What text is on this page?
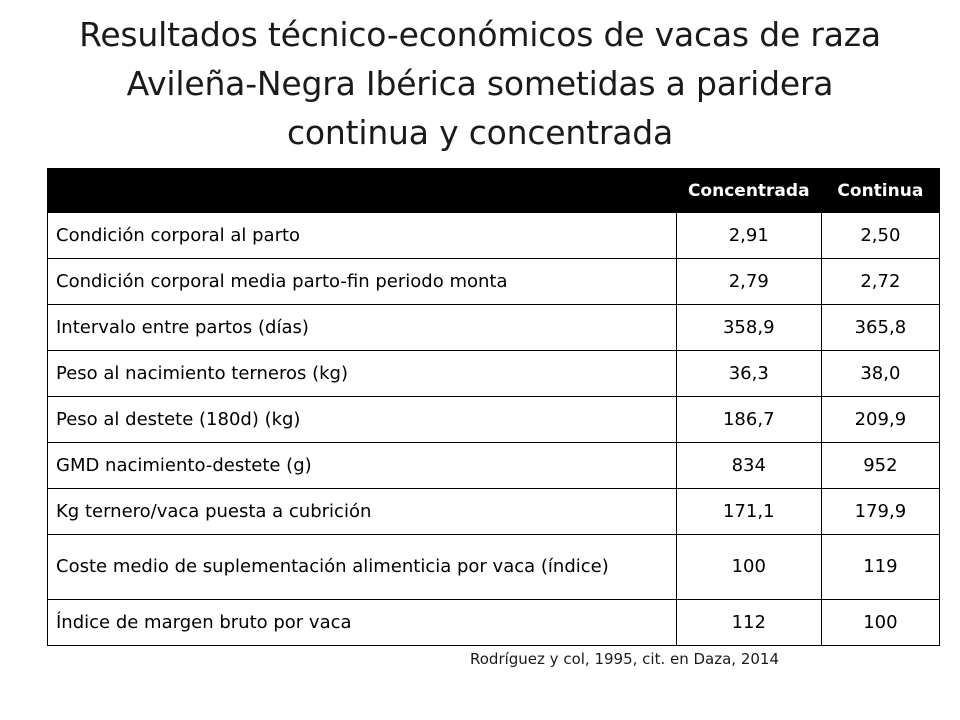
Resultados técnico-económicos de vacas de raza
Avileña-Negra Ibérica sometidas a paridera
continua y concentrada
	Concentrada	Continua
Condición corporal al parto	2,91	2,50
Condición corporal media parto-fin periodo monta	2,79	2,72
Intervalo entre partos (días)	358,9	365,8
Peso al nacimiento terneros (kg)	36,3	38,0
Peso al destete (180d) (kg)	186,7	209,9
GMD nacimiento-destete (g)	834	952
Kg ternero/vaca puesta a cubrición	171,1	179,9
Coste medio de suplementación alimenticia por vaca (índice)	100	119
Índice de margen bruto por vaca	112	100
Rodríguez y col, 1995, cit. en Daza, 2014
